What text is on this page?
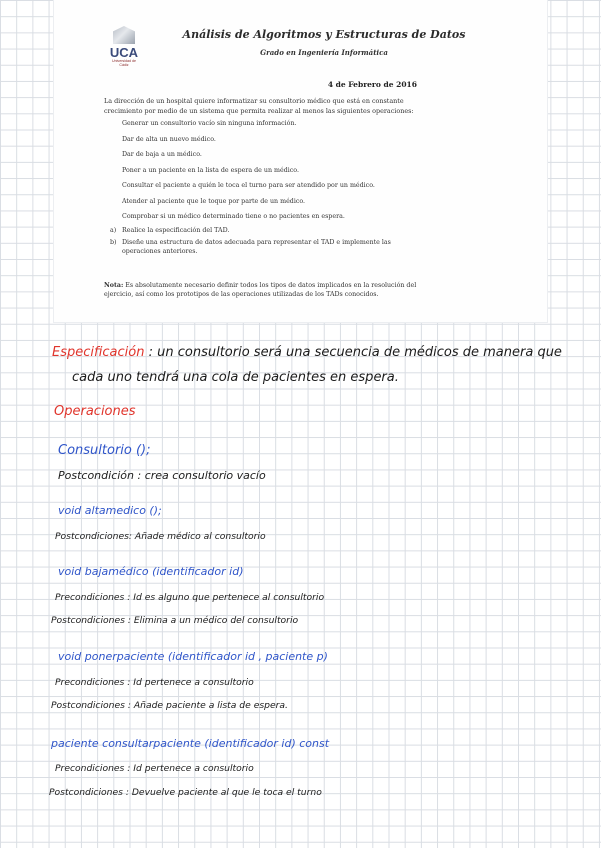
UCA
Universidad de Cádiz
Análisis de Algoritmos y Estructuras de Datos
Grado en Ingeniería Informática
4 de Febrero de 2016
La dirección de un hospital quiere informatizar su consultorio médico que está en constante crecimiento por medio de un sistema que permita realizar al menos las siguientes operaciones:
Generar un consultorio vacío sin ninguna información.
Dar de alta un nuevo médico.
Dar de baja a un médico.
Poner a un paciente en la lista de espera de un médico.
Consultar el paciente a quién le toca el turno para ser atendido por un médico.
Atender al paciente que le toque por parte de un médico.
Comprobar si un médico determinado tiene o no pacientes en espera.
a) Realice la especificación del TAD.
b) Diseñe una estructura de datos adecuada para representar el TAD e implemente las operaciones anteriores.
Nota: Es absolutamente necesario definir todos los tipos de datos implicados en la resolución del ejercicio, así como los prototipos de las operaciones utilizadas de los TADs conocidos.
Especificación : un consultorio será una secuencia de médicos de manera que
cada uno tendrá una cola de pacientes en espera.
Operaciones
Consultorio ();
Postcondición : crea consultorio vacío
void altamedico ();
Postcondiciones: Añade médico al consultorio
void bajamédico (identificador id)
Precondiciones : Id es alguno que pertenece al consultorio
Postcondiciones : Elimina a un médico del consultorio
void ponerpaciente (identificador id , paciente p)
Precondiciones : Id pertenece a consultorio
Postcondiciones : Añade paciente a lista de espera.
paciente consultarpaciente (identificador id) const
Precondiciones : Id pertenece a consultorio
Postcondiciones : Devuelve paciente al que le toca el turno
